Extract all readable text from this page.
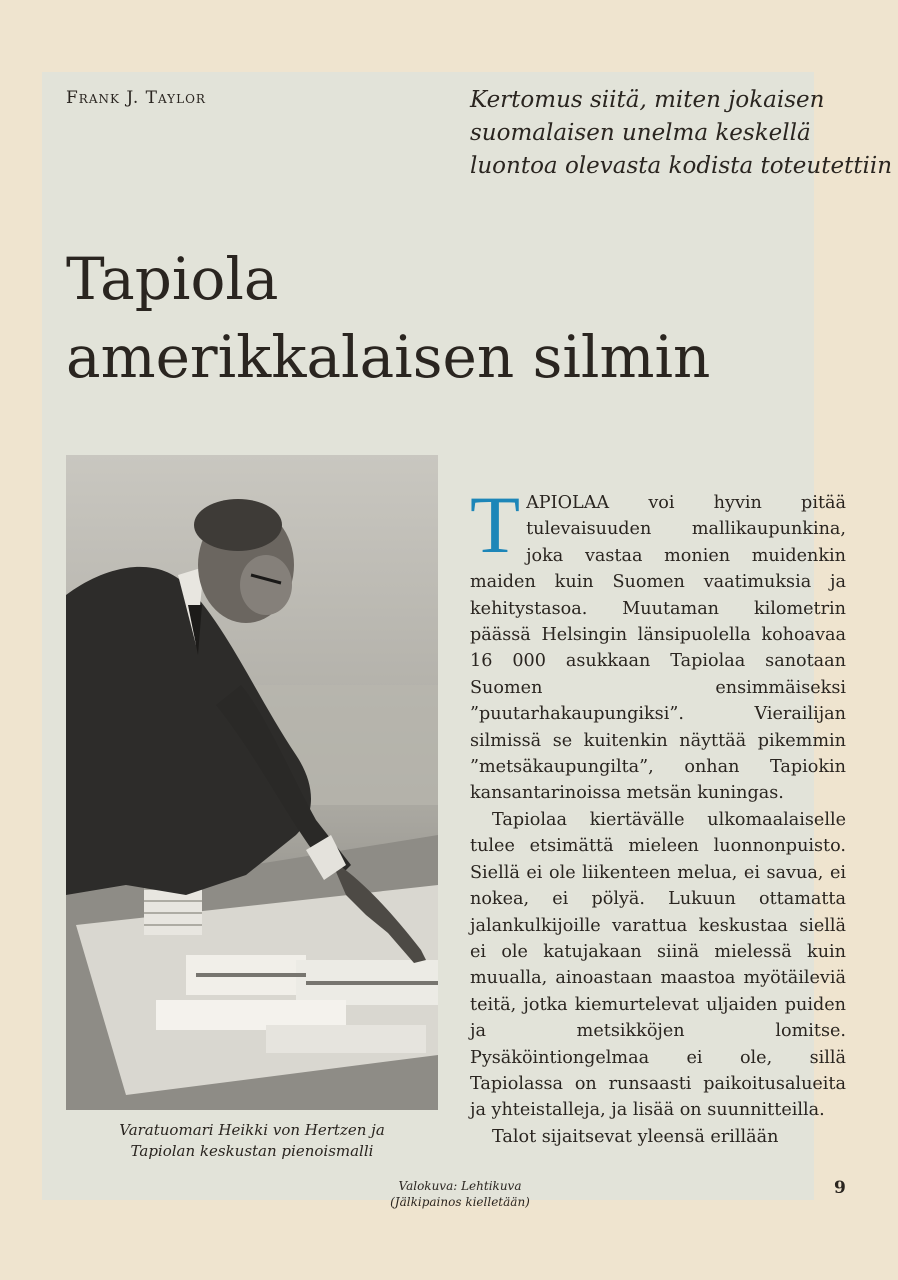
Frank J. Taylor	Kertomus siitä, miten jokaisen
suomalaisen unelma keskellä
luontoa olevasta kodista toteutettiin
Tapiola
amerikkalaisen silmin
Varatuomari Heikki von Hertzen ja
Tapiolan keskustan pienoismalli

TAPIOLAA voi hyvin pitää tulevaisuuden mallikaupunkina, joka vastaa monien muidenkin maiden kuin Suomen vaatimuksia ja kehitystasoa. Muutaman kilometrin päässä Helsingin länsipuolella kohoavaa 16 000 asukkaan Tapiolaa sanotaan Suomen ensimmäiseksi ”puutarhakaupungiksi”. Vierailijan silmissä se kuitenkin näyttää pikemmin ”metsäkaupungilta”, onhan Tapiokin kansantarinoissa metsän kuningas.

Tapiolaa kiertävälle ulkomaalaiselle tulee etsimättä mieleen luonnonpuisto. Siellä ei ole liikenteen melua, ei savua, ei nokea, ei pölyä. Lukuun ottamatta jalankulkijoille varattua keskustaa siellä ei ole katujakaan siinä mielessä kuin muualla, ainoastaan maastoa myötäileviä teitä, jotka kiemurtelevat uljaiden puiden ja metsikköjen lomitse. Pysäköintiongelmaa ei ole, sillä Tapiolassa on runsaasti paikoitusalueita ja yhteistalleja, ja lisää on suunnitteilla.

Talot sijaitsevat yleensä erillään

Valokuva: Lehtikuva
(Jälkipainos kielletään)
9
